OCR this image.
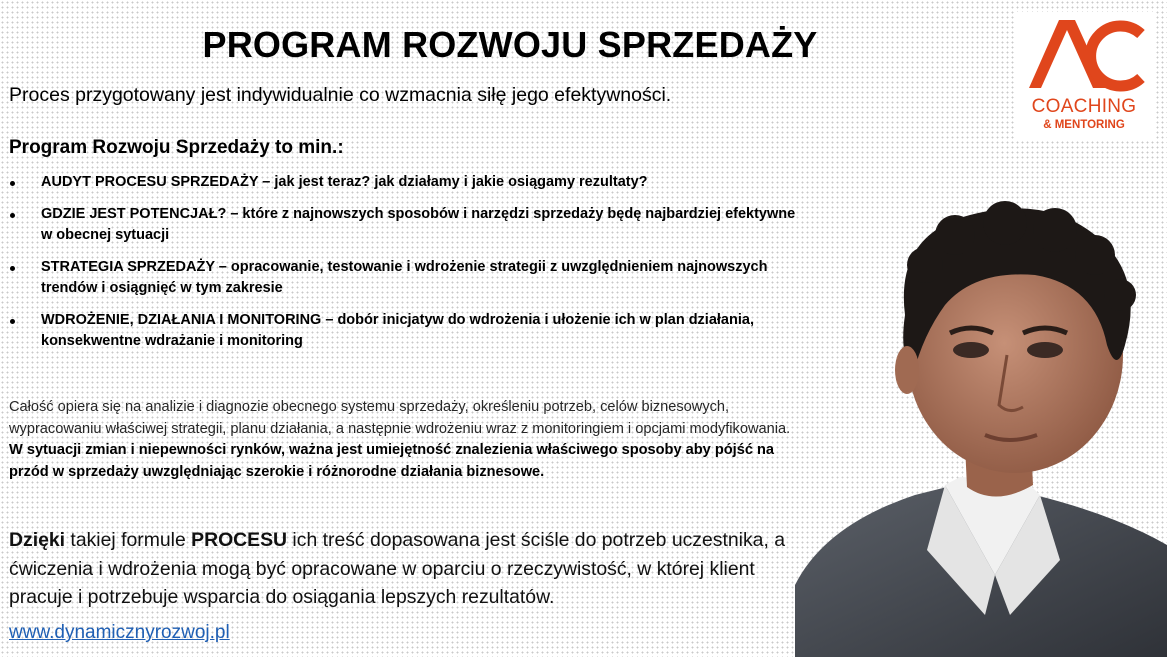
PROGRAM ROZWOJU SPRZEDAŻY
COACHING
& MENTORING

Proces przygotowany jest indywidualnie co wzmacnia siłę jego efektywności.

Program Rozwoju Sprzedaży to min.:

AUDYT PROCESU SPRZEDAŻY – jak jest teraz? jak działamy i jakie osiągamy rezultaty?
GDZIE JEST POTENCJAŁ? – które z najnowszych sposobów i narzędzi sprzedaży będę najbardziej efektywne w obecnej sytuacji
STRATEGIA SPRZEDAŻY – opracowanie, testowanie i wdrożenie strategii z uwzględnieniem najnowszych trendów i osiągnięć w tym zakresie
WDROŻENIE, DZIAŁANIA I MONITORING – dobór inicjatyw do wdrożenia i ułożenie ich w plan działania, konsekwentne wdrażanie i monitoring

Całość opiera się na analizie i diagnozie obecnego systemu sprzedaży, określeniu potrzeb, celów biznesowych, wypracowaniu właściwej strategii, planu działania, a następnie wdrożeniu wraz z monitoringiem i opcjami modyfikowania. W sytuacji zmian i niepewności rynków, ważna jest umiejętność znalezienia właściwego sposoby aby pójść na przód w sprzedaży uwzględniając szerokie i różnorodne działania biznesowe.

Dzięki takiej formule PROCESU ich treść dopasowana jest ściśle do potrzeb uczestnika, a ćwiczenia i wdrożenia mogą być opracowane w oparciu o rzeczywistość, w której klient pracuje i potrzebuje wsparcia do osiągania lepszych rezultatów.

www.dynamicznyrozwoj.pl
